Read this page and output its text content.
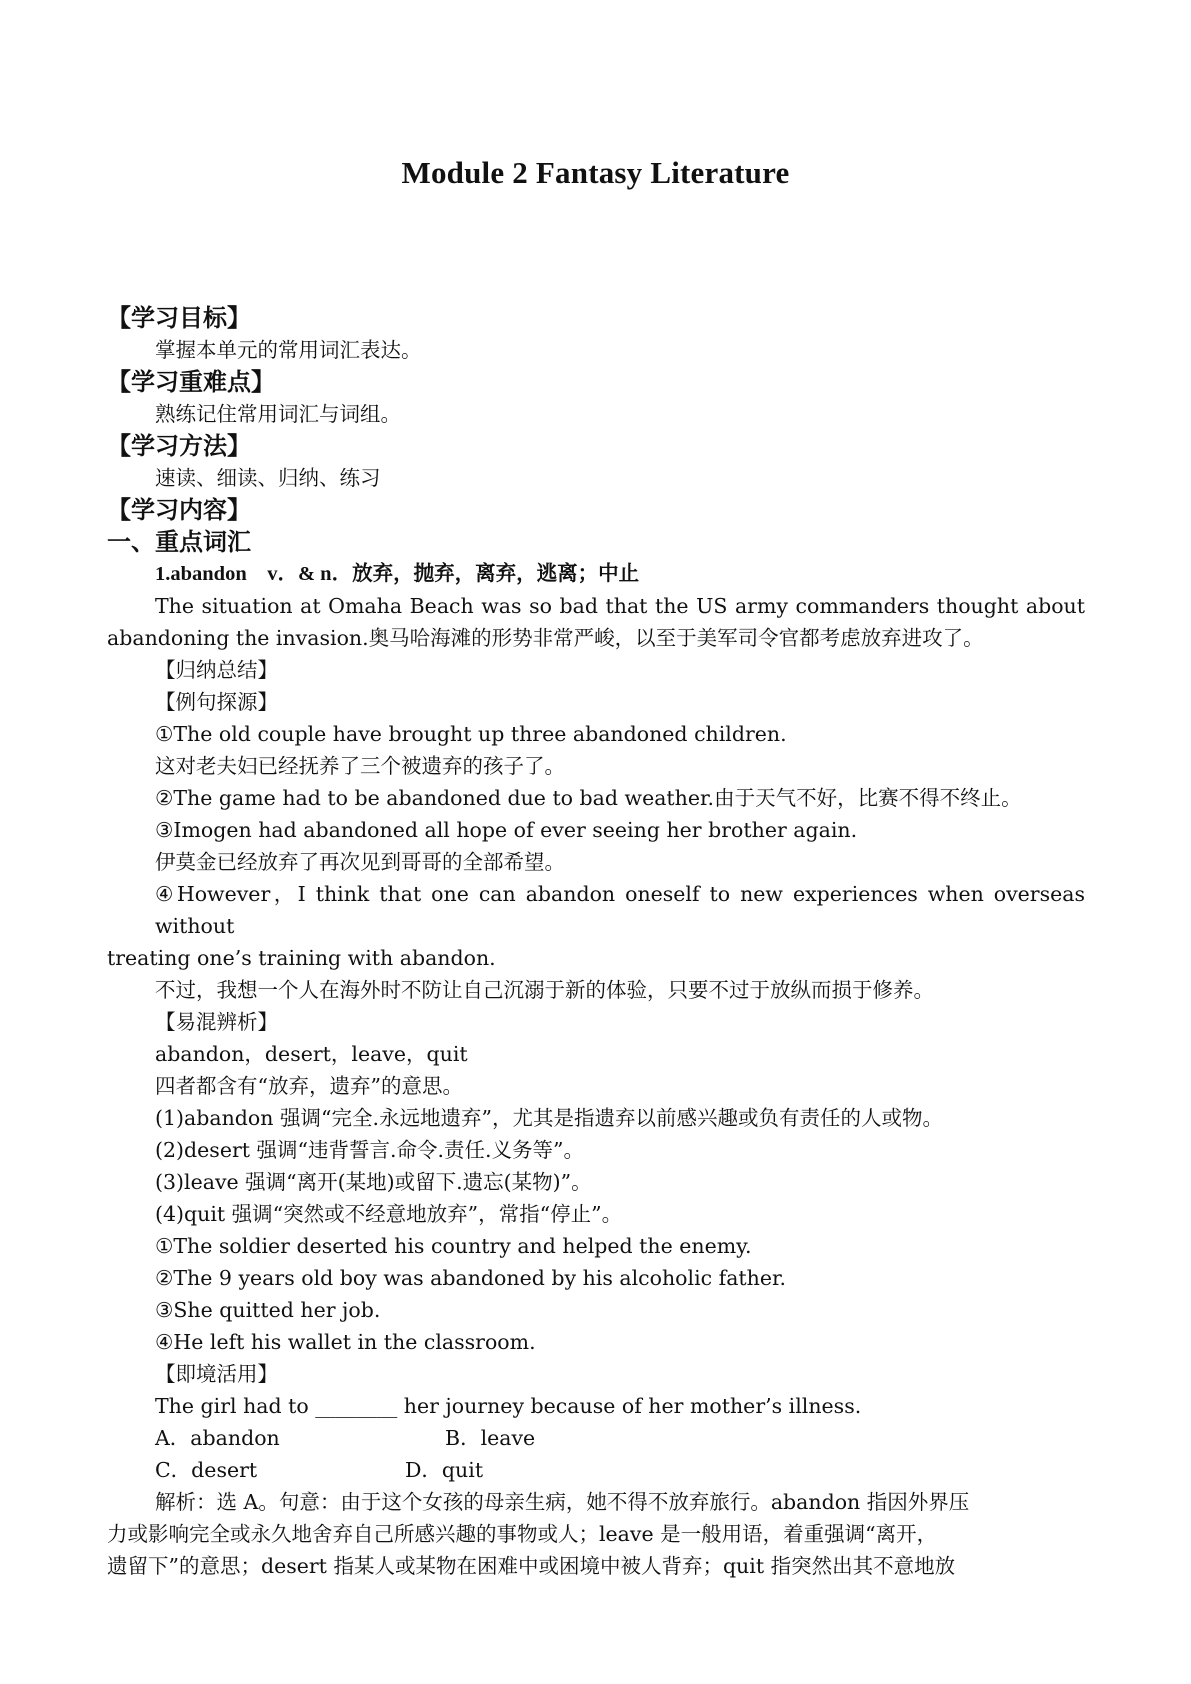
Module 2 Fantasy Literature
【学习目标】
掌握本单元的常用词汇表达。
【学习重难点】
熟练记住常用词汇与词组。
【学习方法】
速读、细读、归纳、练习
【学习内容】
一、重点词汇
1.abandon　v．& n．放弃，抛弃，离弃，逃离；中止
The situation at Omaha Beach was so bad that the US army commanders thought about
abandoning the invasion.奥马哈海滩的形势非常严峻，以至于美军司令官都考虑放弃进攻了。
【归纳总结】
【例句探源】
①The old couple have brought up three abandoned children.
这对老夫妇已经抚养了三个被遗弃的孩子了。
②The game had to be abandoned due to bad weather.由于天气不好，比赛不得不终止。
③Imogen had abandoned all hope of ever seeing her brother again.
伊莫金已经放弃了再次见到哥哥的全部希望。
④However，I think that one can abandon oneself to new experiences when overseas without
treating one’s training with abandon.
不过，我想一个人在海外时不防让自己沉溺于新的体验，只要不过于放纵而损于修养。
【易混辨析】
abandon，desert，leave，quit
四者都含有“放弃，遗弃”的意思。
(1)abandon 强调“完全.永远地遗弃”，尤其是指遗弃以前感兴趣或负有责任的人或物。
(2)desert 强调“违背誓言.命令.责任.义务等”。
(3)leave 强调“离开(某地)或留下.遗忘(某物)”。
(4)quit 强调“突然或不经意地放弃”，常指“停止”。
①The soldier deserted his country and helped the enemy.
②The 9 years old boy was abandoned by his alcoholic father.
③She quitted her job.
④He left his wallet in the classroom.
【即境活用】
The girl had to ________ her journey because of her mother’s illness.
A．abandon	B．leave
C．desert	D．quit
解析：选 A。句意：由于这个女孩的母亲生病，她不得不放弃旅行。abandon 指因外界压
力或影响完全或永久地舍弃自己所感兴趣的事物或人；leave 是一般用语，着重强调“离开，
遗留下”的意思；desert 指某人或某物在困难中或困境中被人背弃；quit 指突然出其不意地放
